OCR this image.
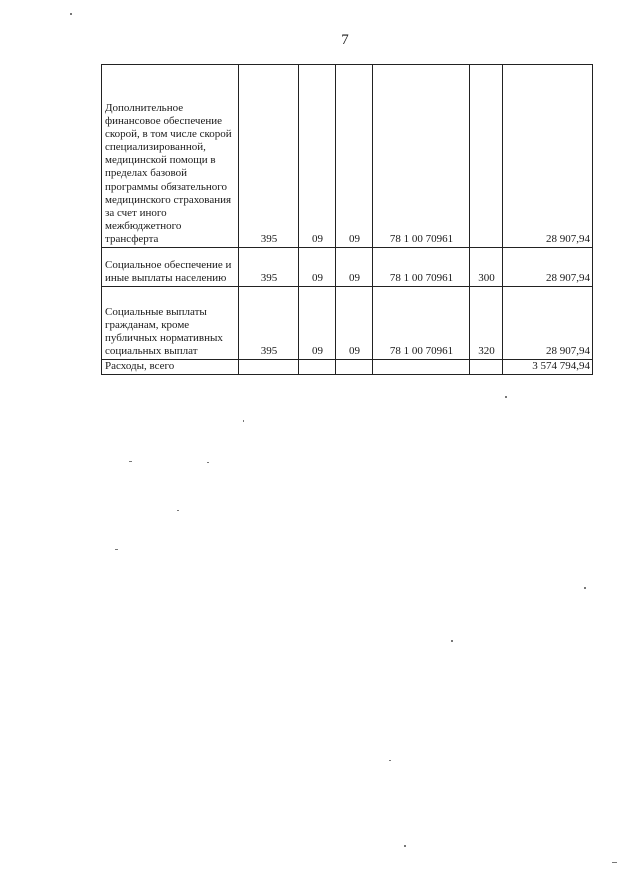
7
Дополнительное финансовое обеспечение скорой, в том числе скорой специализированной, медицинской помощи в пределах базовой программы обязательного медицинского страхования за счет иного межбюджетного трансферта	395	09	09	78 1 00 70961		28 907,94
Социальное обеспечение и иные выплаты населению	395	09	09	78 1 00 70961	300	28 907,94
Социальные выплаты гражданам, кроме публичных нормативных социальных выплат	395	09	09	78 1 00 70961	320	28 907,94
Расходы, всего						3 574 794,94
